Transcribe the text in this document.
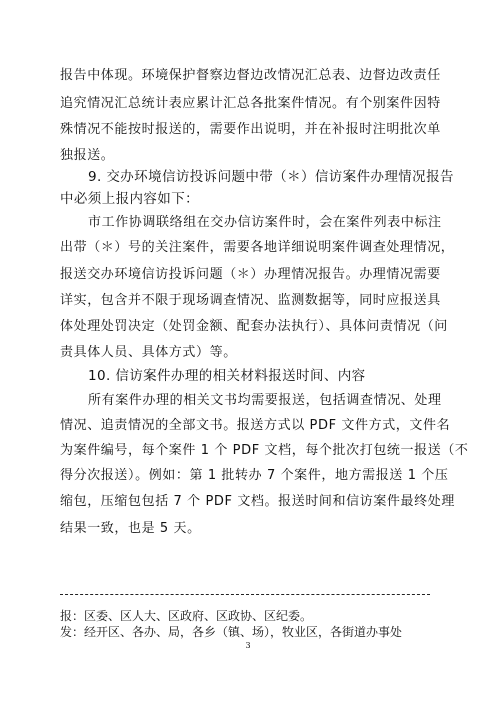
报告中体现。环境保护督察边督边改情况汇总表、边督边改责任
追究情况汇总统计表应累计汇总各批案件情况。有个别案件因特
殊情况不能按时报送的，需要作出说明，并在补报时注明批次单
独报送。
9. 交办环境信访投诉问题中带（＊）信访案件办理情况报告
中必须上报内容如下：
市工作协调联络组在交办信访案件时，会在案件列表中标注
出带（＊）号的关注案件，需要各地详细说明案件调查处理情况，
报送交办环境信访投诉问题（＊）办理情况报告。办理情况需要
详实，包含并不限于现场调查情况、监测数据等，同时应报送具
体处理处罚决定（处罚金额、配套办法执行）、具体问责情况（问
责具体人员、具体方式）等。
10. 信访案件办理的相关材料报送时间、内容
所有案件办理的相关文书均需要报送，包括调查情况、处理
情况、追责情况的全部文书。报送方式以 PDF 文件方式，文件名
为案件编号，每个案件 1 个 PDF 文档，每个批次打包统一报送（不
得分次报送）。例如：第 1 批转办 7 个案件，地方需报送 1 个压
缩包，压缩包包括 7 个 PDF 文档。报送时间和信访案件最终处理
结果一致，也是 5 天。
报：区委、区人大、区政府、区政协、区纪委。
发：经开区、各办、局，各乡（镇、场），牧业区，各街道办事处
3
